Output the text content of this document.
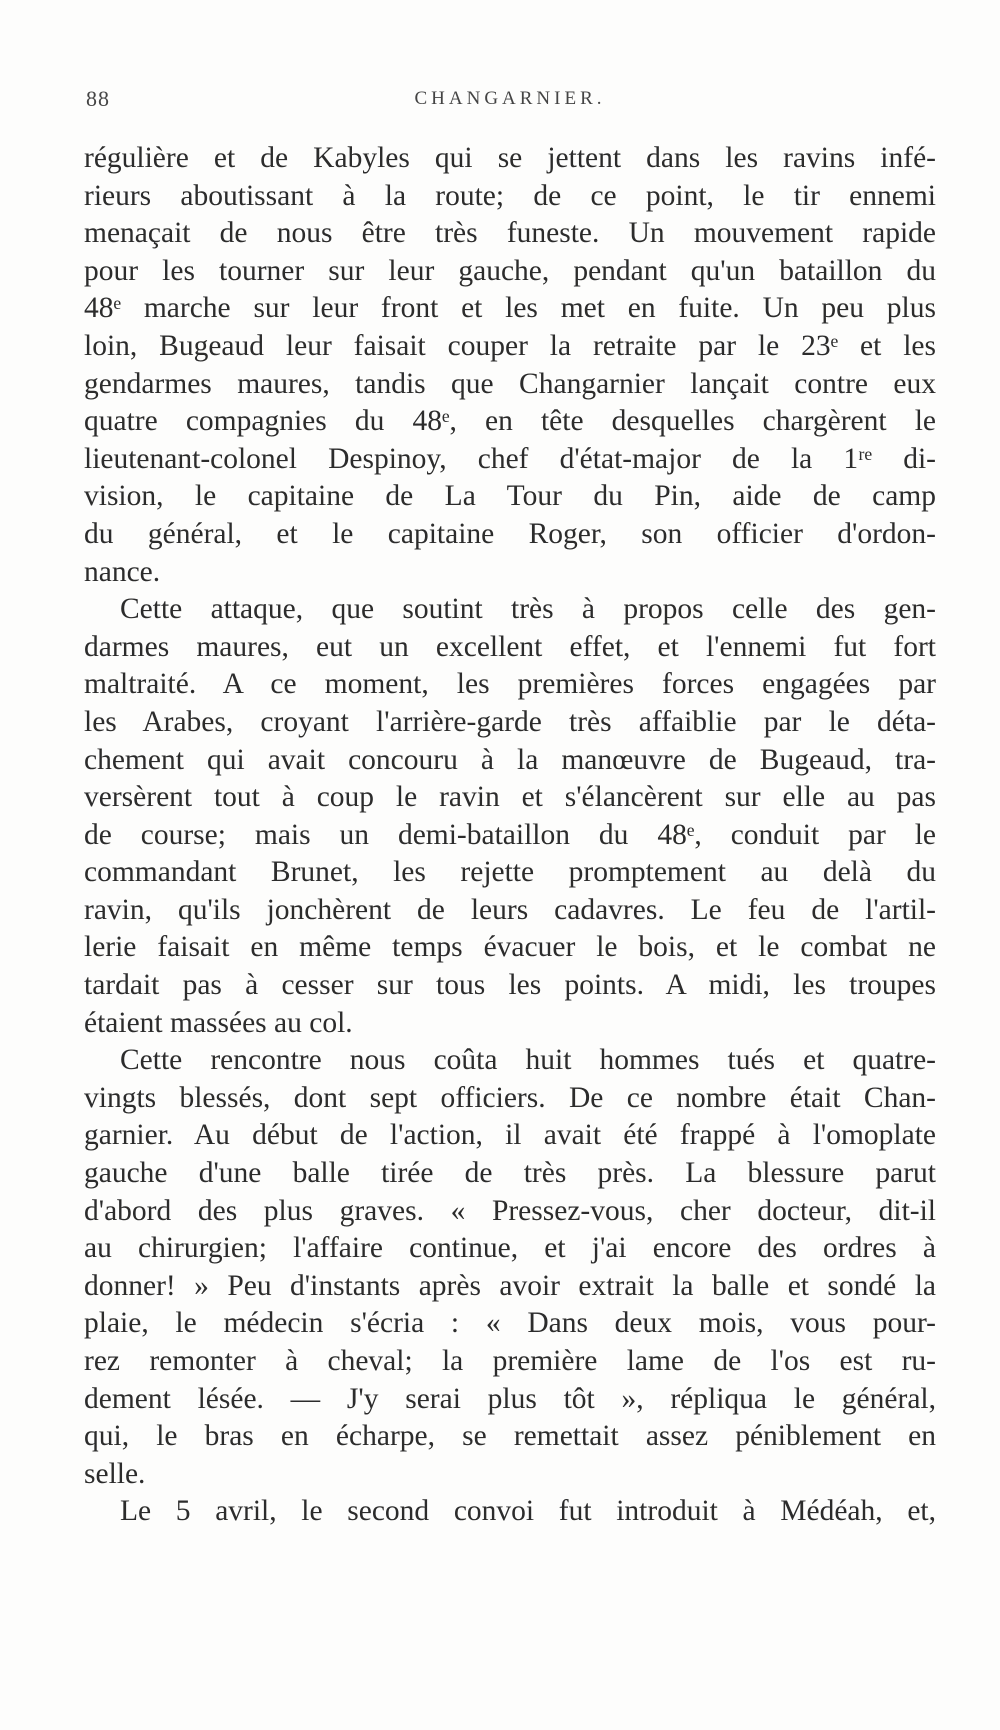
88	CHANGARNIER.
régulière et de Kabyles qui se jettent dans les ravins infé-
rieurs aboutissant à la route; de ce point, le tir ennemi
menaçait de nous être très funeste. Un mouvement rapide
pour les tourner sur leur gauche, pendant qu'un bataillon du
48ᵉ marche sur leur front et les met en fuite. Un peu plus
loin, Bugeaud leur faisait couper la retraite par le 23ᵉ et les
gendarmes maures, tandis que Changarnier lançait contre eux
quatre compagnies du 48ᵉ, en tête desquelles chargèrent le
lieutenant-colonel Despinoy, chef d'état-major de la 1ʳᵉ di-
vision, le capitaine de La Tour du Pin, aide de camp
du général, et le capitaine Roger, son officier d'ordon-
nance.
Cette attaque, que soutint très à propos celle des gen-
darmes maures, eut un excellent effet, et l'ennemi fut fort
maltraité. A ce moment, les premières forces engagées par
les Arabes, croyant l'arrière-garde très affaiblie par le déta-
chement qui avait concouru à la manœuvre de Bugeaud, tra-
versèrent tout à coup le ravin et s'élancèrent sur elle au pas
de course; mais un demi-bataillon du 48ᵉ, conduit par le
commandant Brunet, les rejette promptement au delà du
ravin, qu'ils jonchèrent de leurs cadavres. Le feu de l'artil-
lerie faisait en même temps évacuer le bois, et le combat ne
tardait pas à cesser sur tous les points. A midi, les troupes
étaient massées au col.
Cette rencontre nous coûta huit hommes tués et quatre-
vingts blessés, dont sept officiers. De ce nombre était Chan-
garnier. Au début de l'action, il avait été frappé à l'omoplate
gauche d'une balle tirée de très près. La blessure parut
d'abord des plus graves. « Pressez-vous, cher docteur, dit-il
au chirurgien; l'affaire continue, et j'ai encore des ordres à
donner! » Peu d'instants après avoir extrait la balle et sondé la
plaie, le médecin s'écria : « Dans deux mois, vous pour-
rez remonter à cheval; la première lame de l'os est ru-
dement lésée. — J'y serai plus tôt », répliqua le général,
qui, le bras en écharpe, se remettait assez péniblement en
selle.
Le 5 avril, le second convoi fut introduit à Médéah, et,
